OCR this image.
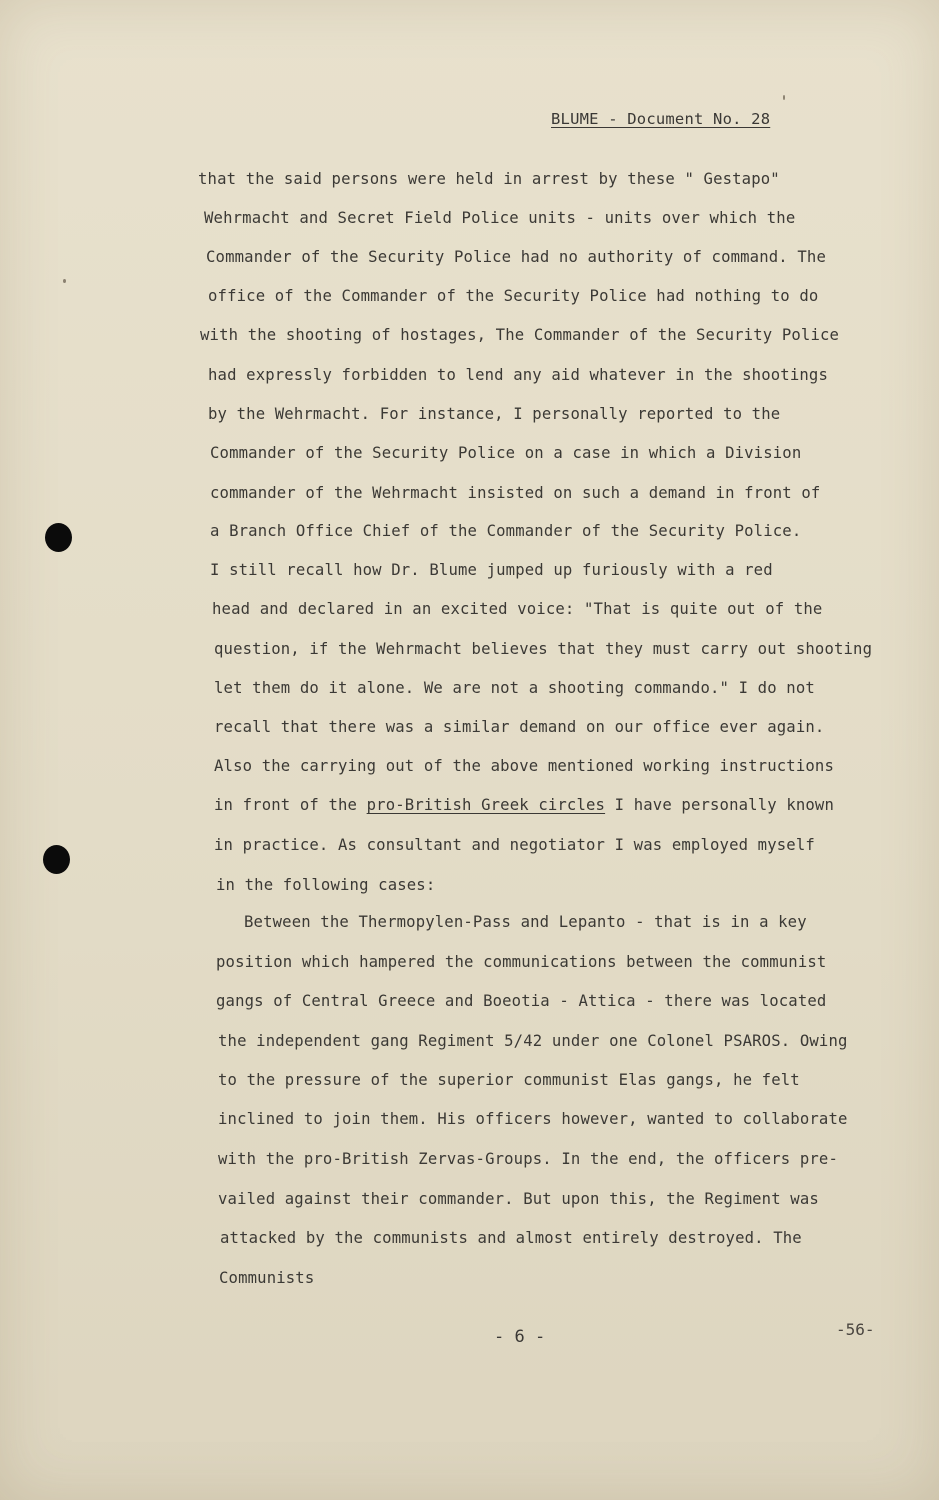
BLUME - Document No. 28
that the said persons were held in arrest by these " Gestapo"
Wehrmacht and Secret Field Police units - units over which the
Commander of the Security Police had no authority of command. The
office of the Commander of the Security Police had nothing to do
with the shooting of hostages, The Commander of the Security Police
had expressly forbidden to lend any aid whatever in the shootings
by the Wehrmacht. For instance, I personally reported to the
Commander of the Security Police on a case in which a Division
commander of the Wehrmacht insisted on such a demand in front of
a Branch Office Chief of the Commander of the Security Police.
I still recall how Dr. Blume jumped up furiously with a red
head and declared in an excited voice: "That is quite out of the
question, if the Wehrmacht believes that they must carry out shooting
let them do it alone. We are not a shooting commando." I do not
recall that there was a similar demand on our office ever again.
Also the carrying out of the above mentioned working instructions
in front of the pro-British Greek circles I have personally known
in practice. As consultant and negotiator I was employed myself
in the following cases:
Between the Thermopylen-Pass and Lepanto - that is in a key
position which hampered the communications between the communist
gangs of Central Greece and Boeotia - Attica - there was located
the independent gang Regiment 5/42 under one Colonel PSAROS. Owing
to the pressure of the superior communist Elas gangs, he felt
inclined to join them. His officers however, wanted to collaborate
with the pro-British Zervas-Groups. In the end, the officers pre-
vailed against their commander. But upon this, the Regiment was
attacked by the communists and almost entirely destroyed. The
Communists
- 6 -	-56-
